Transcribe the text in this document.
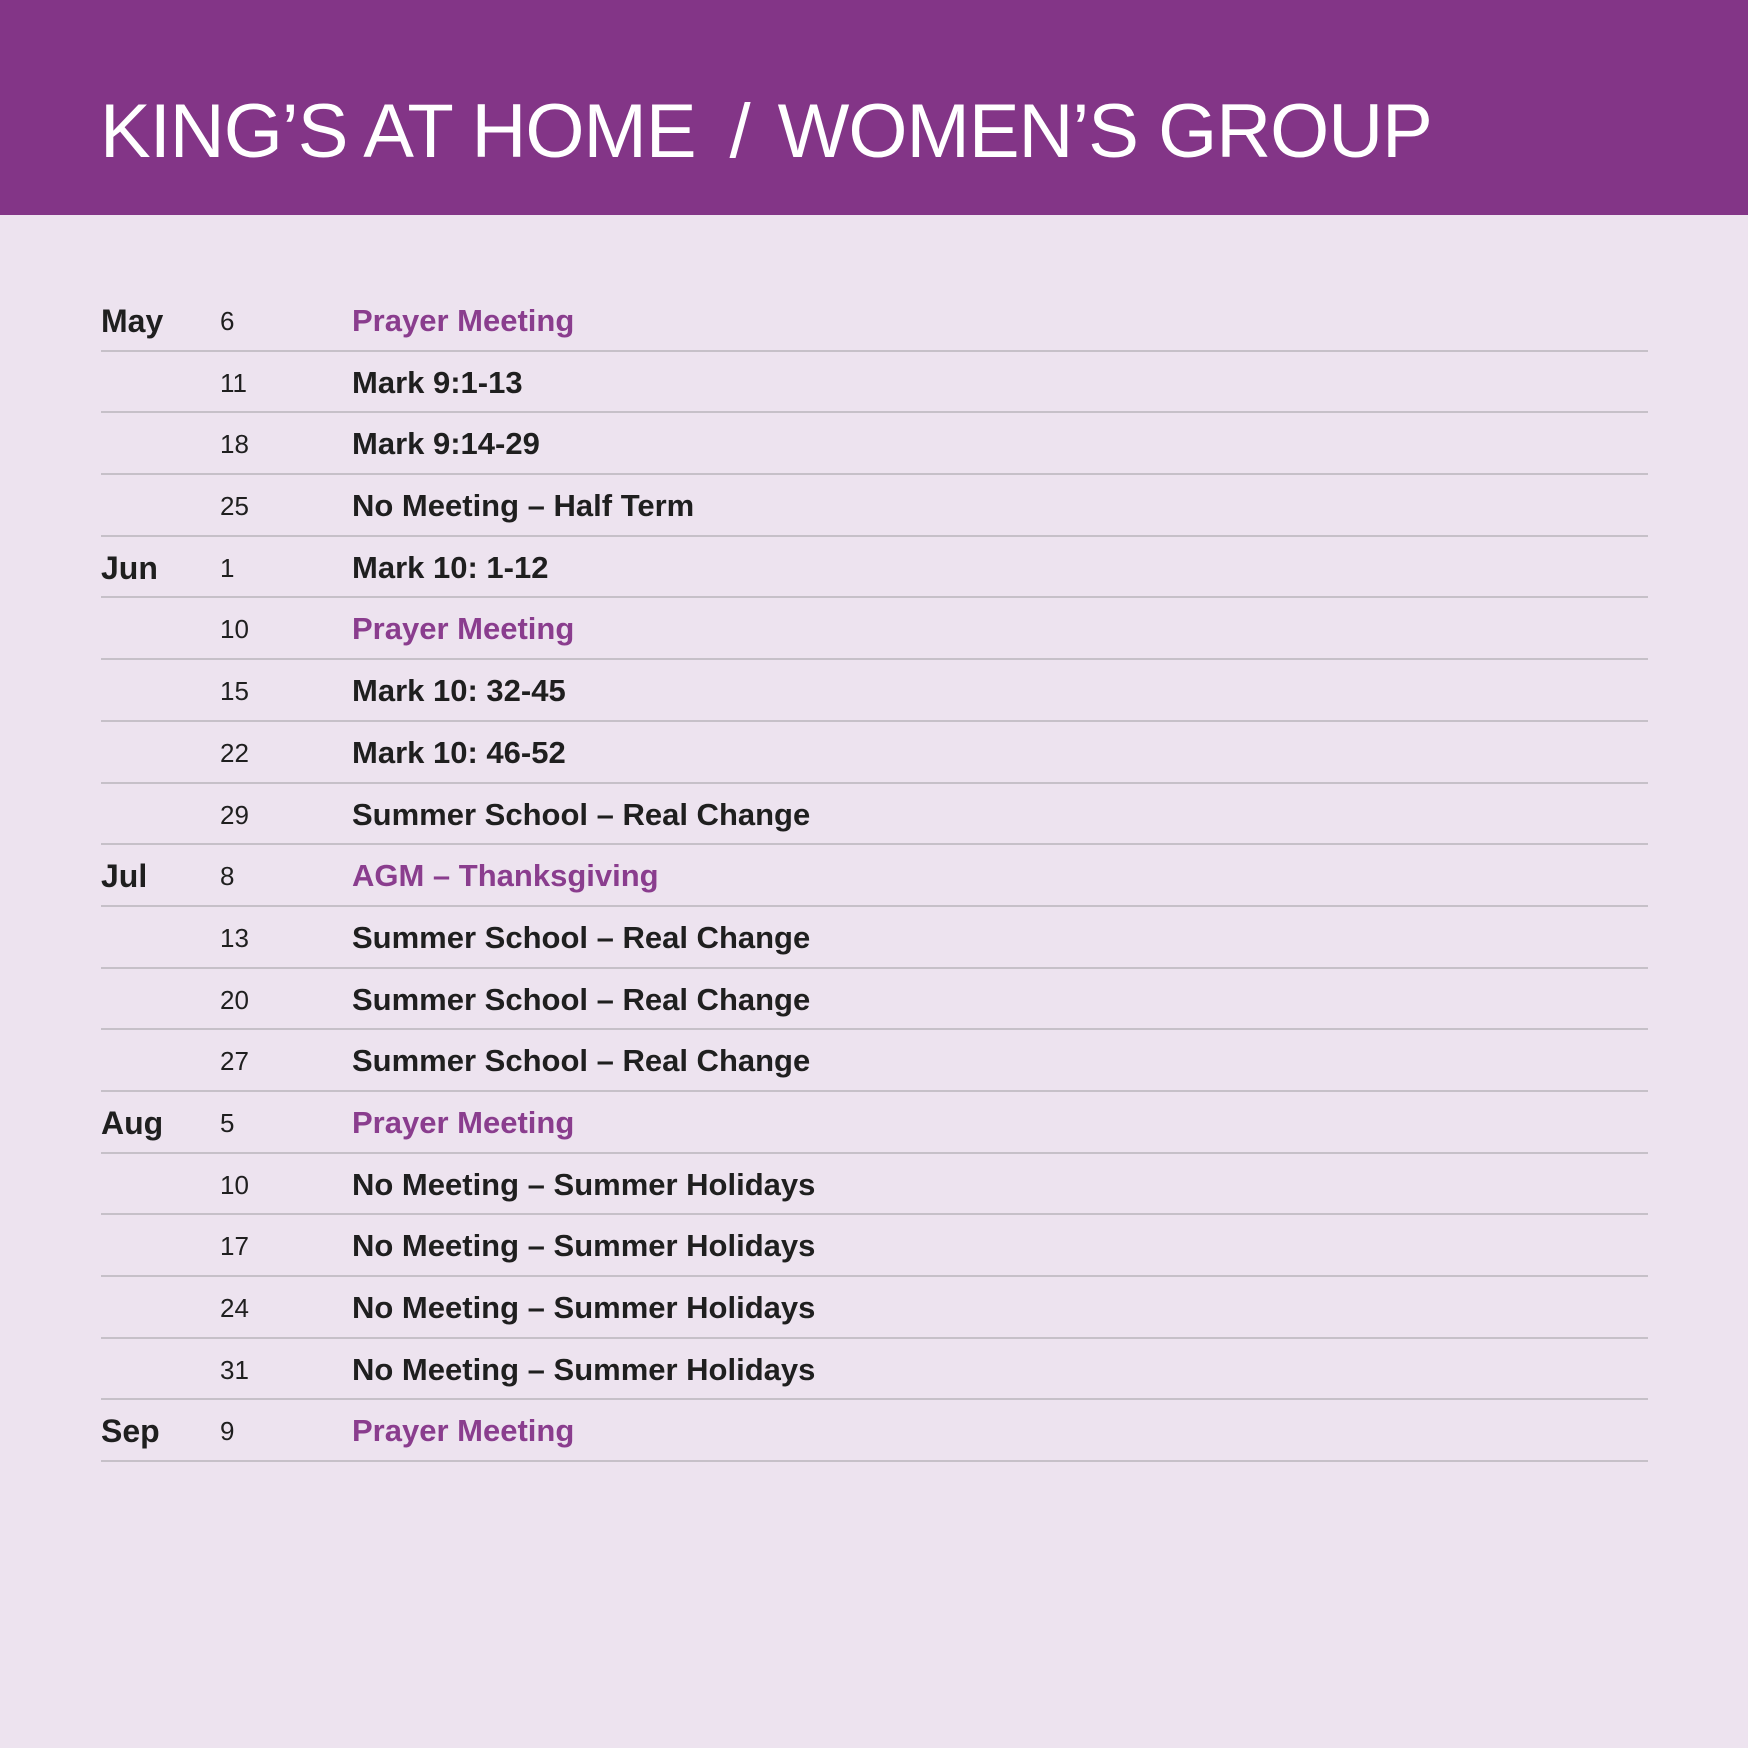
KING’S AT HOME / WOMEN’S GROUP
May 6	Prayer Meeting
11	Mark 9:1-13
18	Mark 9:14-29
25	No Meeting – Half Term
Jun 1	Mark 10: 1-12
10	Prayer Meeting
15	Mark 10: 32-45
22	Mark 10: 46-52
29	Summer School – Real Change
Jul	8	AGM – Thanksgiving
13	Summer School – Real Change
20	Summer School – Real Change
27	Summer School – Real Change
Aug 5	Prayer Meeting
10	No Meeting – Summer Holidays
17	No Meeting – Summer Holidays
24	No Meeting – Summer Holidays
31	No Meeting – Summer Holidays
Sep 9	Prayer Meeting
